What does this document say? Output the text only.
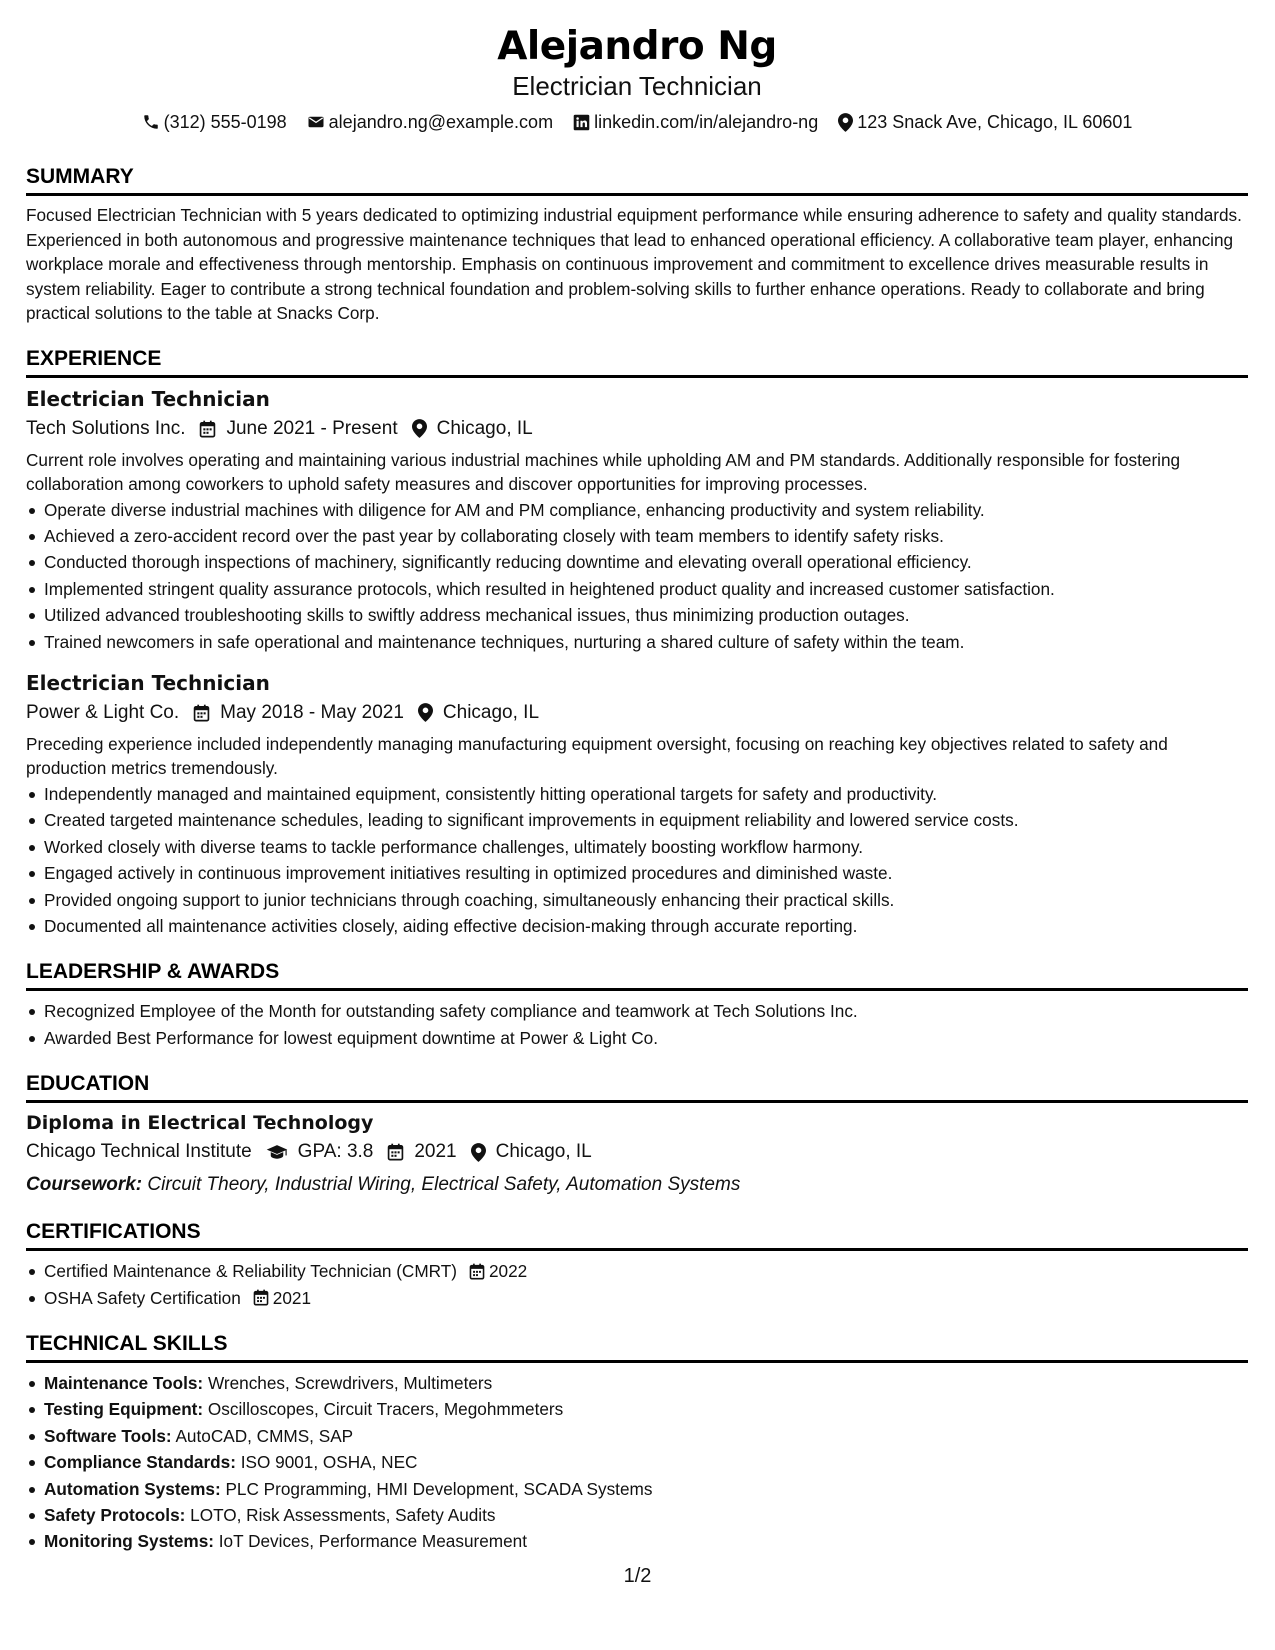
Alejandro Ng
Electrician Technician
(312) 555-0198 alejandro.ng@example.com linkedin.com/in/alejandro-ng 123 Snack Ave, Chicago, IL 60601
SUMMARY
Focused Electrician Technician with 5 years dedicated to optimizing industrial equipment performance while ensuring adherence to safety and quality standards. Experienced in both autonomous and progressive maintenance techniques that lead to enhanced operational efficiency. A collaborative team player, enhancing workplace morale and effectiveness through mentorship. Emphasis on continuous improvement and commitment to excellence drives measurable results in system reliability. Eager to contribute a strong technical foundation and problem-solving skills to further enhance operations. Ready to collaborate and bring practical solutions to the table at Snacks Corp.
EXPERIENCE
Electrician Technician
Tech Solutions Inc. June 2021 - Present Chicago, IL
Current role involves operating and maintaining various industrial machines while upholding AM and PM standards. Additionally responsible for fostering collaboration among coworkers to uphold safety measures and discover opportunities for improving processes.
Operate diverse industrial machines with diligence for AM and PM compliance, enhancing productivity and system reliability.
Achieved a zero-accident record over the past year by collaborating closely with team members to identify safety risks.
Conducted thorough inspections of machinery, significantly reducing downtime and elevating overall operational efficiency.
Implemented stringent quality assurance protocols, which resulted in heightened product quality and increased customer satisfaction.
Utilized advanced troubleshooting skills to swiftly address mechanical issues, thus minimizing production outages.
Trained newcomers in safe operational and maintenance techniques, nurturing a shared culture of safety within the team.
Electrician Technician
Power & Light Co. May 2018 - May 2021 Chicago, IL
Preceding experience included independently managing manufacturing equipment oversight, focusing on reaching key objectives related to safety and production metrics tremendously.
Independently managed and maintained equipment, consistently hitting operational targets for safety and productivity.
Created targeted maintenance schedules, leading to significant improvements in equipment reliability and lowered service costs.
Worked closely with diverse teams to tackle performance challenges, ultimately boosting workflow harmony.
Engaged actively in continuous improvement initiatives resulting in optimized procedures and diminished waste.
Provided ongoing support to junior technicians through coaching, simultaneously enhancing their practical skills.
Documented all maintenance activities closely, aiding effective decision-making through accurate reporting.
LEADERSHIP & AWARDS
Recognized Employee of the Month for outstanding safety compliance and teamwork at Tech Solutions Inc.
Awarded Best Performance for lowest equipment downtime at Power & Light Co.
EDUCATION
Diploma in Electrical Technology
Chicago Technical Institute GPA: 3.8 2021 Chicago, IL
Coursework: Circuit Theory, Industrial Wiring, Electrical Safety, Automation Systems
CERTIFICATIONS
Certified Maintenance & Reliability Technician (CMRT) 2022
OSHA Safety Certification 2021
TECHNICAL SKILLS
Maintenance Tools: Wrenches, Screwdrivers, Multimeters
Testing Equipment: Oscilloscopes, Circuit Tracers, Megohmmeters
Software Tools: AutoCAD, CMMS, SAP
Compliance Standards: ISO 9001, OSHA, NEC
Automation Systems: PLC Programming, HMI Development, SCADA Systems
Safety Protocols: LOTO, Risk Assessments, Safety Audits
Monitoring Systems: IoT Devices, Performance Measurement
1/2
